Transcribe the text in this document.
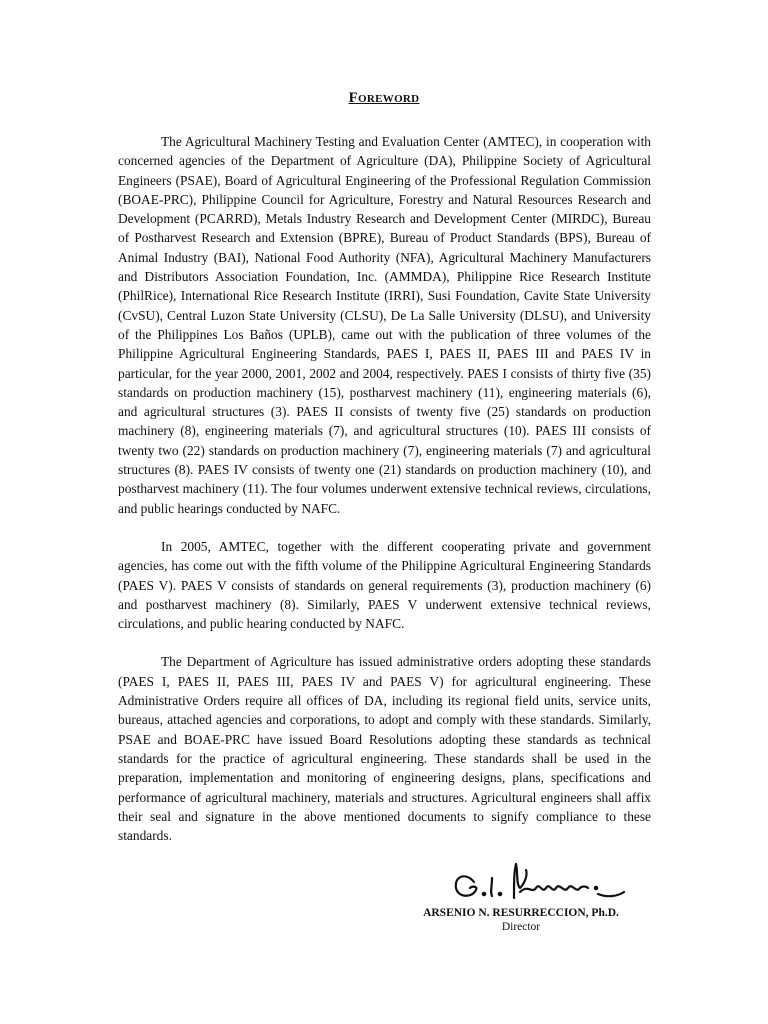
Foreword

The Agricultural Machinery Testing and Evaluation Center (AMTEC), in cooperation with concerned agencies of the Department of Agriculture (DA), Philippine Society of Agricultural Engineers (PSAE), Board of Agricultural Engineering of the Professional Regulation Commission (BOAE-PRC), Philippine Council for Agriculture, Forestry and Natural Resources Research and Development (PCARRD), Metals Industry Research and Development Center (MIRDC), Bureau of Postharvest Research and Extension (BPRE), Bureau of Product Standards (BPS), Bureau of Animal Industry (BAI), National Food Authority (NFA), Agricultural Machinery Manufacturers and Distributors Association Foundation, Inc. (AMMDA), Philippine Rice Research Institute (PhilRice), International Rice Research Institute (IRRI), Susi Foundation, Cavite State University (CvSU), Central Luzon State University (CLSU), De La Salle University (DLSU), and University of the Philippines Los Baños (UPLB), came out with the publication of three volumes of the Philippine Agricultural Engineering Standards, PAES I, PAES II, PAES III and PAES IV in particular, for the year 2000, 2001, 2002 and 2004, respectively. PAES I consists of thirty five (35) standards on production machinery (15), postharvest machinery (11), engineering materials (6), and agricultural structures (3). PAES II consists of twenty five (25) standards on production machinery (8), engineering materials (7), and agricultural structures (10). PAES III consists of twenty two (22) standards on production machinery (7), engineering materials (7) and agricultural structures (8). PAES IV consists of twenty one (21) standards on production machinery (10), and postharvest machinery (11). The four volumes underwent extensive technical reviews, circulations, and public hearings conducted by NAFC.

In 2005, AMTEC, together with the different cooperating private and government agencies, has come out with the fifth volume of the Philippine Agricultural Engineering Standards (PAES V). PAES V consists of standards on general requirements (3), production machinery (6) and postharvest machinery (8). Similarly, PAES V underwent extensive technical reviews, circulations, and public hearing conducted by NAFC.

The Department of Agriculture has issued administrative orders adopting these standards (PAES I, PAES II, PAES III, PAES IV and PAES V) for agricultural engineering. These Administrative Orders require all offices of DA, including its regional field units, service units, bureaus, attached agencies and corporations, to adopt and comply with these standards. Similarly, PSAE and BOAE-PRC have issued Board Resolutions adopting these standards as technical standards for the practice of agricultural engineering. These standards shall be used in the preparation, implementation and monitoring of engineering designs, plans, specifications and performance of agricultural machinery, materials and structures. Agricultural engineers shall affix their seal and signature in the above mentioned documents to signify compliance to these standards.

ARSENIO N. RESURRECCION, Ph.D.
Director
